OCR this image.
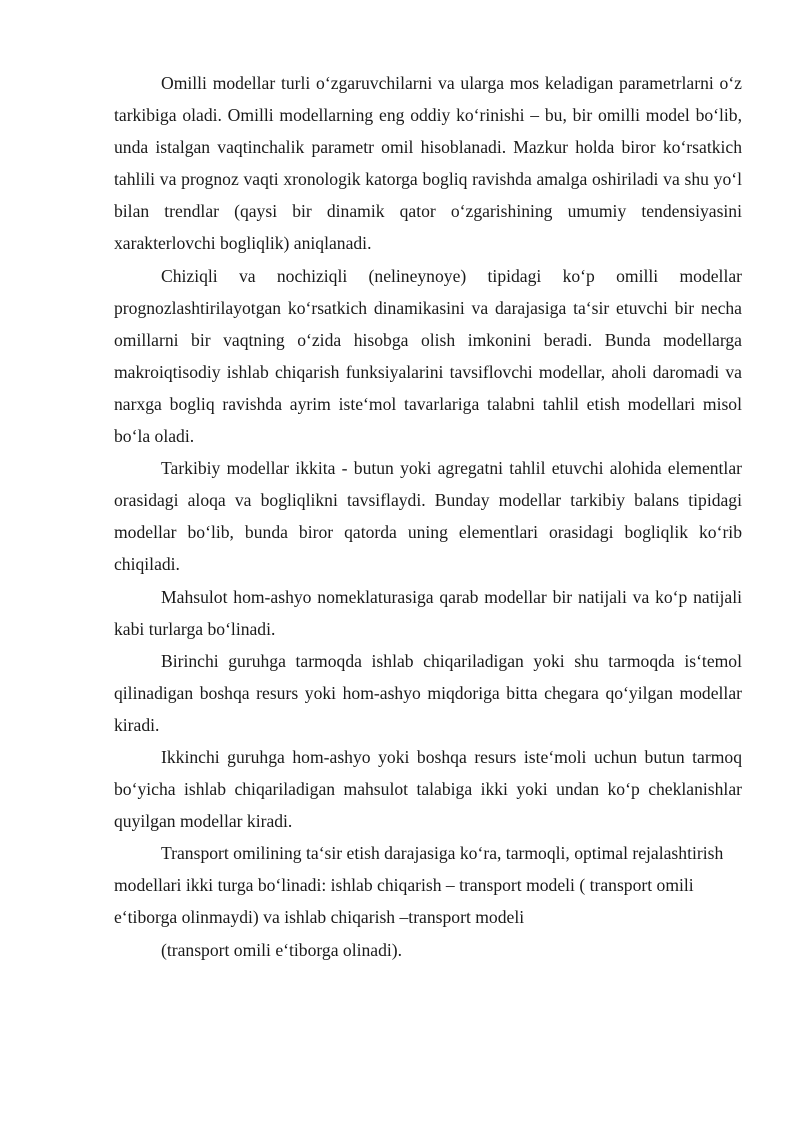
Omilli modellar turli o‘zgaruvchilarni va ularga mos keladigan parametrlarni o‘z tarkibiga oladi. Omilli modellarning eng oddiy ko‘rinishi – bu, bir omilli model bo‘lib, unda istalgan vaqtinchalik parametr omil hisoblanadi. Mazkur holda biror ko‘rsatkich tahlili va prognoz vaqti xronologik katorga bogliq ravishda amalga oshiriladi va shu yo‘l bilan trendlar (qaysi bir dinamik qator o‘zgarishining umumiy tendensiyasini xarakterlovchi bogliqlik) aniqlanadi.

Chiziqli va nochiziqli (nelineynoye) tipidagi ko‘p omilli modellar prognozlashtirilayotgan ko‘rsatkich dinamikasini va darajasiga ta‘sir etuvchi bir necha omillarni bir vaqtning o‘zida hisobga olish imkonini beradi. Bunda modellarga makroiqtisodiy ishlab chiqarish funksiyalarini tavsiflovchi modellar, aholi daromadi va narxga bogliq ravishda ayrim iste‘mol tavarlariga talabni tahlil etish modellari misol bo‘la oladi.

Tarkibiy modellar ikkita - butun yoki agregatni tahlil etuvchi alohida elementlar orasidagi aloqa va bogliqlikni tavsiflaydi. Bunday modellar tarkibiy balans tipidagi modellar bo‘lib, bunda biror qatorda uning elementlari orasidagi bogliqlik ko‘rib chiqiladi.

Mahsulot hom-ashyo nomeklaturasiga qarab modellar bir natijali va ko‘p natijali kabi turlarga bo‘linadi.

Birinchi guruhga tarmoqda ishlab chiqariladigan yoki shu tarmoqda is‘temol qilinadigan boshqa resurs yoki hom-ashyo miqdoriga bitta chegara qo‘yilgan modellar kiradi.

Ikkinchi guruhga hom-ashyo yoki boshqa resurs iste‘moli uchun butun tarmoq bo‘yicha ishlab chiqariladigan mahsulot talabiga ikki yoki undan ko‘p cheklanishlar quyilgan modellar kiradi.

Transport omilining ta‘sir etish darajasiga ko‘ra, tarmoqli, optimal rejalashtirish modellari ikki turga bo‘linadi: ishlab chiqarish – transport modeli ( transport omili e‘tiborga olinmaydi) va ishlab chiqarish –transport modeli

(transport omili e‘tiborga olinadi).
